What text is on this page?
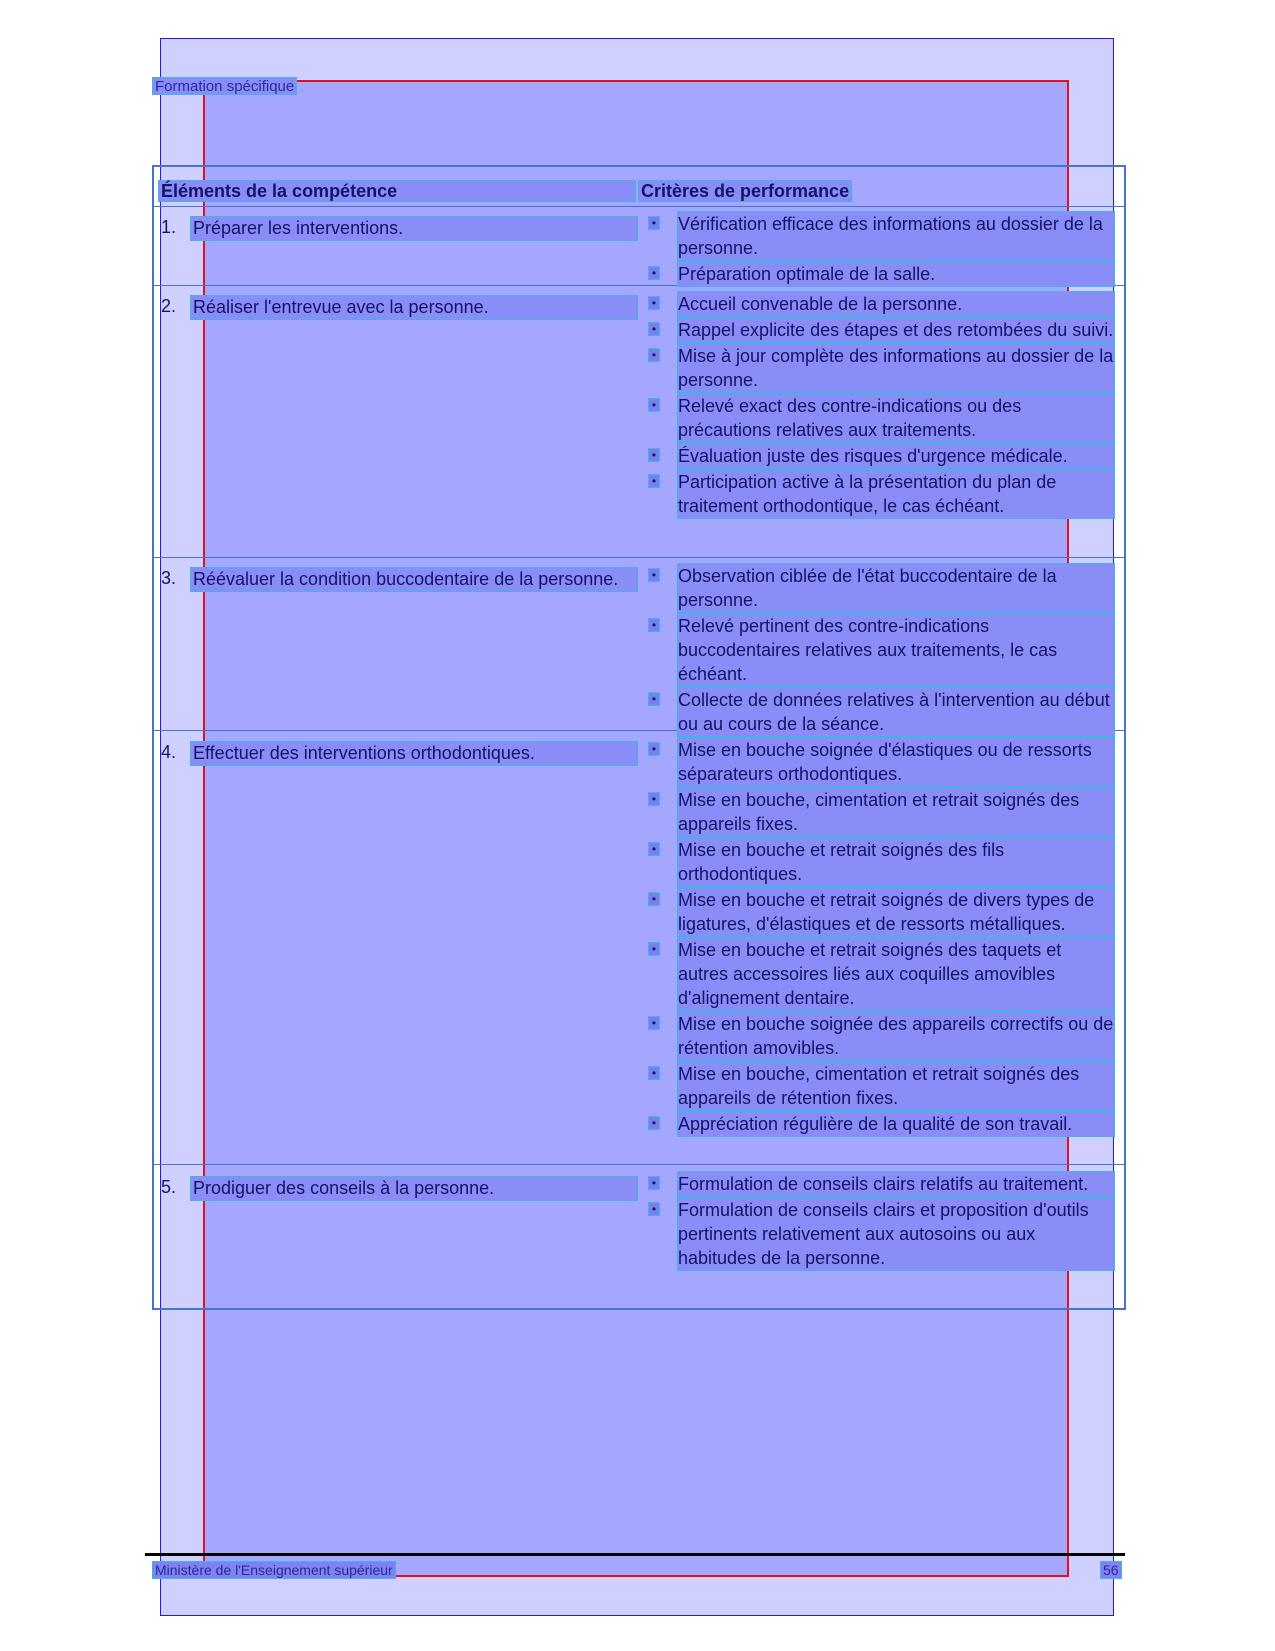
Formation spécifique
Éléments de la compétence	Critères de performance
1. Préparer les interventions.	• Vérification efficace des informations au dossier de la personne.
• Préparation optimale de la salle.
2. Réaliser l'entrevue avec la personne.	• Accueil convenable de la personne.
• Rappel explicite des étapes et des retombées du suivi.
• Mise à jour complète des informations au dossier de la personne.
• Relevé exact des contre-indications ou des précautions relatives aux traitements.
• Évaluation juste des risques d'urgence médicale.
• Participation active à la présentation du plan de traitement orthodontique, le cas échéant.
3. Réévaluer la condition buccodentaire de la personne.	• Observation ciblée de l'état buccodentaire de la personne.
• Relevé pertinent des contre-indications buccodentaires relatives aux traitements, le cas échéant.
• Collecte de données relatives à l'intervention au début ou au cours de la séance.
4. Effectuer des interventions orthodontiques.	• Mise en bouche soignée d'élastiques ou de ressorts séparateurs orthodontiques.
• Mise en bouche, cimentation et retrait soignés des appareils fixes.
• Mise en bouche et retrait soignés des fils orthodontiques.
• Mise en bouche et retrait soignés de divers types de ligatures, d'élastiques et de ressorts métalliques.
• Mise en bouche et retrait soignés des taquets et autres accessoires liés aux coquilles amovibles d'alignement dentaire.
• Mise en bouche soignée des appareils correctifs ou de rétention amovibles.
• Mise en bouche, cimentation et retrait soignés des appareils de rétention fixes.
• Appréciation régulière de la qualité de son travail.
5. Prodiguer des conseils à la personne.	• Formulation de conseils clairs relatifs au traitement.
• Formulation de conseils clairs et proposition d'outils pertinents relativement aux autosoins ou aux habitudes de la personne.
Ministère de l'Enseignement supérieur	56
